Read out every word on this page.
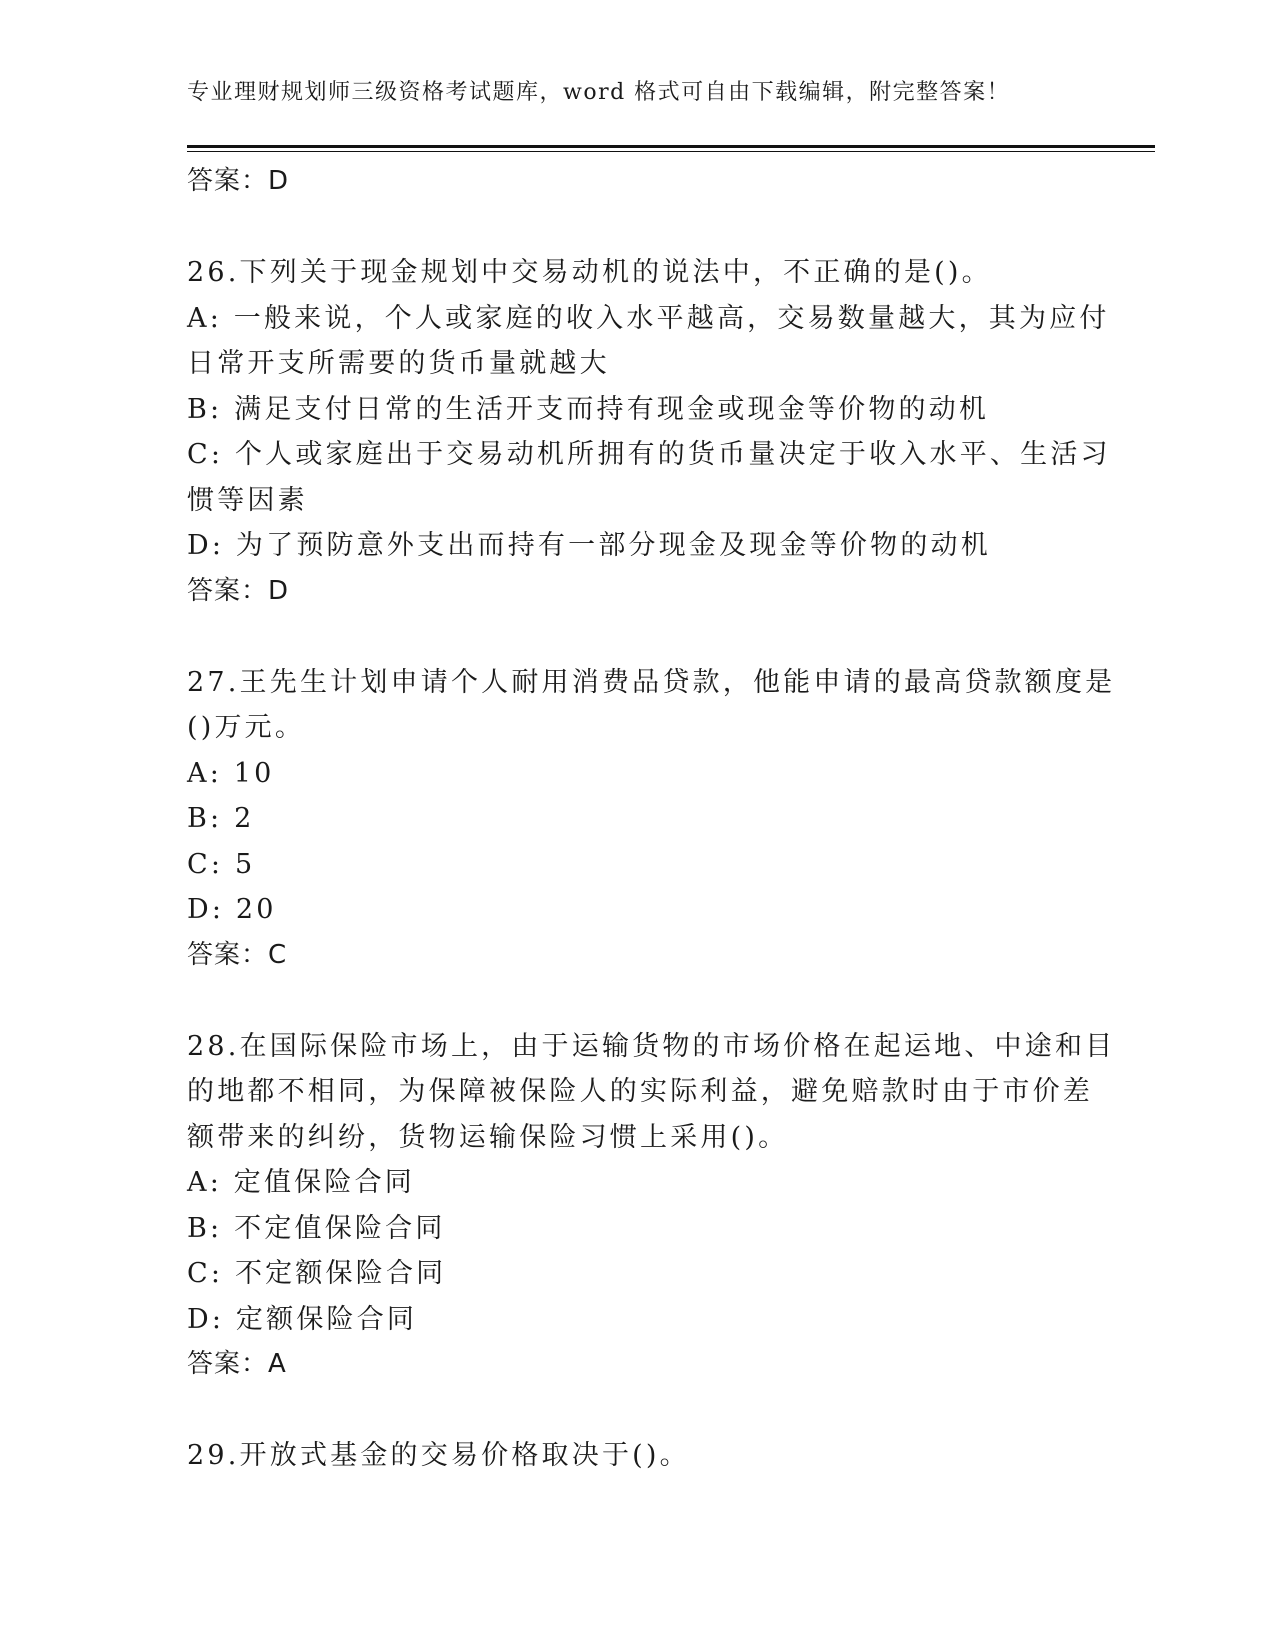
专业理财规划师三级资格考试题库，word 格式可自由下载编辑，附完整答案！
答案：D
26.下列关于现金规划中交易动机的说法中，不正确的是()。
A: 一般来说，个人或家庭的收入水平越高，交易数量越大，其为应付
日常开支所需要的货币量就越大
B: 满足支付日常的生活开支而持有现金或现金等价物的动机
C: 个人或家庭出于交易动机所拥有的货币量决定于收入水平、生活习
惯等因素
D: 为了预防意外支出而持有一部分现金及现金等价物的动机
答案：D
27.王先生计划申请个人耐用消费品贷款，他能申请的最高贷款额度是
()万元。
A: 10
B: 2
C: 5
D: 20
答案：C
28.在国际保险市场上，由于运输货物的市场价格在起运地、中途和目
的地都不相同，为保障被保险人的实际利益，避免赔款时由于市价差
额带来的纠纷，货物运输保险习惯上采用()。
A: 定值保险合同
B: 不定值保险合同
C: 不定额保险合同
D: 定额保险合同
答案：A
29.开放式基金的交易价格取决于()。
